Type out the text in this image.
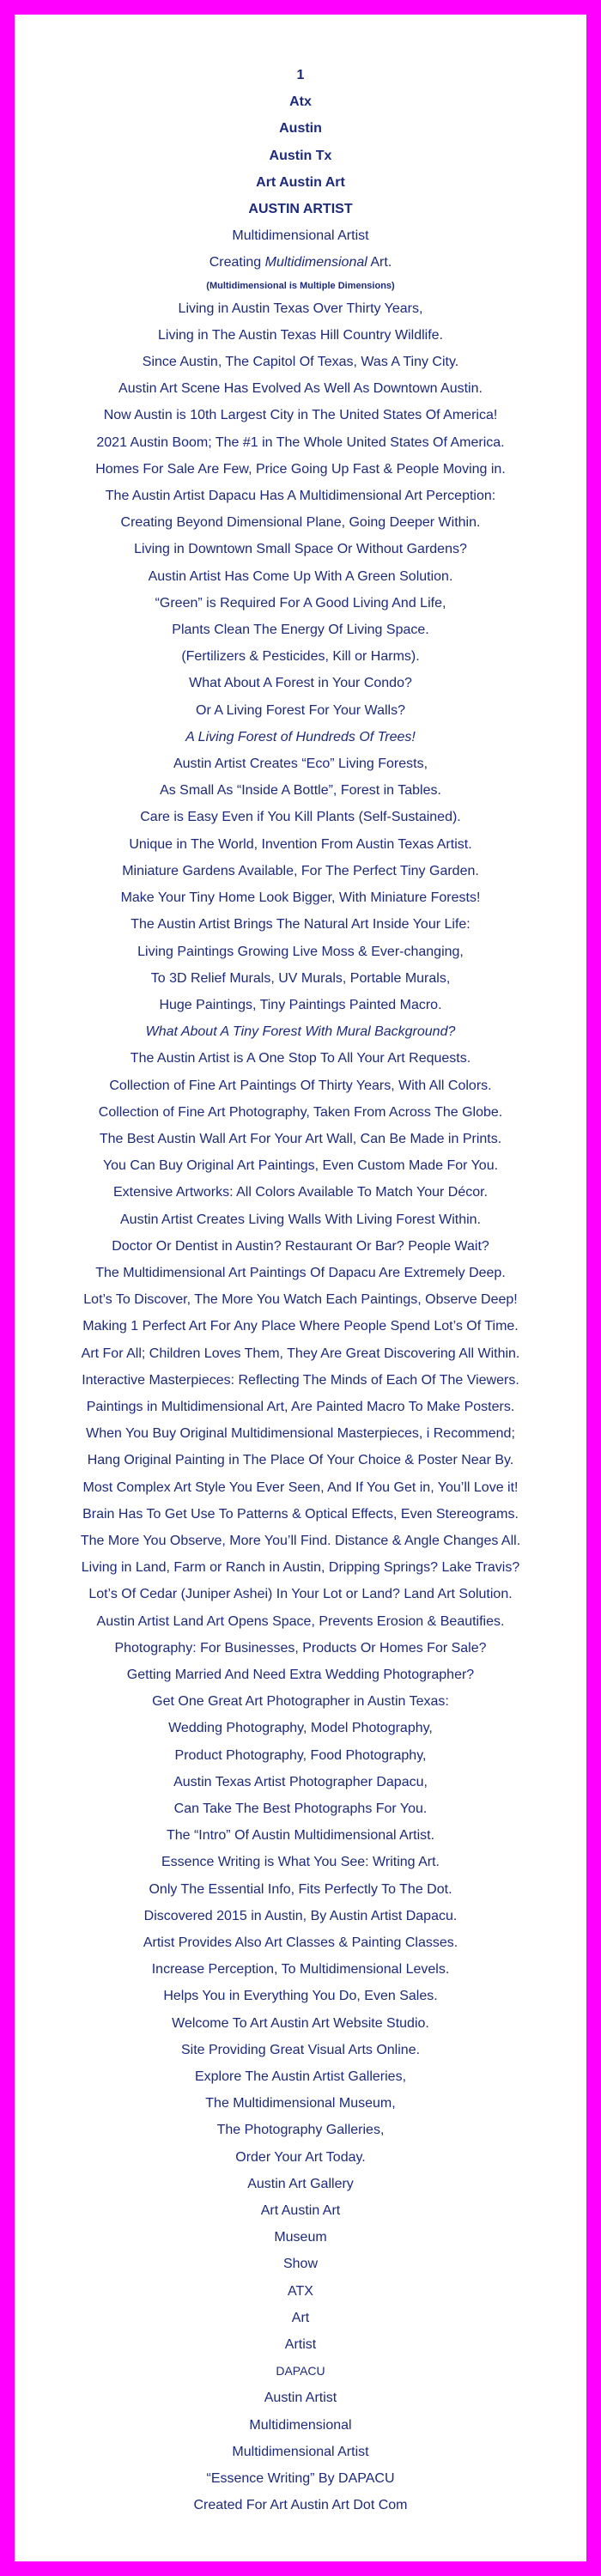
1
Atx
Austin
Austin Tx
Art Austin Art
AUSTIN ARTIST
Multidimensional Artist
Creating Multidimensional Art.
(Multidimensional is Multiple Dimensions)
Living in Austin Texas Over Thirty Years,
Living in The Austin Texas Hill Country Wildlife.
Since Austin, The Capitol Of Texas, Was A Tiny City.
Austin Art Scene Has Evolved As Well As Downtown Austin.
Now Austin is 10th Largest City in The United States Of America!
2021 Austin Boom; The #1 in The Whole United States Of America.
Homes For Sale Are Few, Price Going Up Fast & People Moving in.
The Austin Artist Dapacu Has A Multidimensional Art Perception:
Creating Beyond Dimensional Plane, Going Deeper Within.
Living in Downtown Small Space Or Without Gardens?
Austin Artist Has Come Up With A Green Solution.
“Green” is Required For A Good Living And Life,
Plants Clean The Energy Of Living Space.
(Fertilizers & Pesticides, Kill or Harms).
What About A Forest in Your Condo?
Or A Living Forest For Your Walls?
A Living Forest of Hundreds Of Trees!
Austin Artist Creates “Eco” Living Forests,
As Small As “Inside A Bottle”, Forest in Tables.
Care is Easy Even if You Kill Plants (Self-Sustained).
Unique in The World, Invention From Austin Texas Artist.
Miniature Gardens Available, For The Perfect Tiny Garden.
Make Your Tiny Home Look Bigger, With Miniature Forests!
The Austin Artist Brings The Natural Art Inside Your Life:
Living Paintings Growing Live Moss & Ever-changing,
To 3D Relief Murals, UV Murals, Portable Murals,
Huge Paintings, Tiny Paintings Painted Macro.
What About A Tiny Forest With Mural Background?
The Austin Artist is A One Stop To All Your Art Requests.
Collection of Fine Art Paintings Of Thirty Years, With All Colors.
Collection of Fine Art Photography, Taken From Across The Globe.
The Best Austin Wall Art For Your Art Wall, Can Be Made in Prints.
You Can Buy Original Art Paintings, Even Custom Made For You.
Extensive Artworks: All Colors Available To Match Your Décor.
Austin Artist Creates Living Walls With Living Forest Within.
Doctor Or Dentist in Austin? Restaurant Or Bar? People Wait?
The Multidimensional Art Paintings Of Dapacu Are Extremely Deep.
Lot’s To Discover, The More You Watch Each Paintings, Observe Deep!
Making 1 Perfect Art For Any Place Where People Spend Lot’s Of Time.
Art For All; Children Loves Them, They Are Great Discovering All Within.
Interactive Masterpieces: Reflecting The Minds of Each Of The Viewers.
Paintings in Multidimensional Art, Are Painted Macro To Make Posters.
When You Buy Original Multidimensional Masterpieces, i Recommend;
Hang Original Painting in The Place Of Your Choice & Poster Near By.
Most Complex Art Style You Ever Seen, And If You Get in, You’ll Love it!
Brain Has To Get Use To Patterns & Optical Effects, Even Stereograms.
The More You Observe, More You’ll Find. Distance & Angle Changes All.
Living in Land, Farm or Ranch in Austin, Dripping Springs? Lake Travis?
Lot’s Of Cedar (Juniper Ashei) In Your Lot or Land? Land Art Solution.
Austin Artist Land Art Opens Space, Prevents Erosion & Beautifies.
Photography: For Businesses, Products Or Homes For Sale?
Getting Married And Need Extra Wedding Photographer?
Get One Great Art Photographer in Austin Texas:
Wedding Photography, Model Photography,
Product Photography, Food Photography,
Austin Texas Artist Photographer Dapacu,
Can Take The Best Photographs For You.
The “Intro” Of Austin Multidimensional Artist.
Essence Writing is What You See: Writing Art.
Only The Essential Info, Fits Perfectly To The Dot.
Discovered 2015 in Austin, By Austin Artist Dapacu.
Artist Provides Also Art Classes & Painting Classes.
Increase Perception, To Multidimensional Levels.
Helps You in Everything You Do, Even Sales.
Welcome To Art Austin Art Website Studio.
Site Providing Great Visual Arts Online.
Explore The Austin Artist Galleries,
The Multidimensional Museum,
The Photography Galleries,
Order Your Art Today.
Austin Art Gallery
Art Austin Art
Museum
Show
ATX
Art
Artist
DAPACU
Austin Artist
Multidimensional
Multidimensional Artist
“Essence Writing” By DAPACU
Created For Art Austin Art Dot Com
